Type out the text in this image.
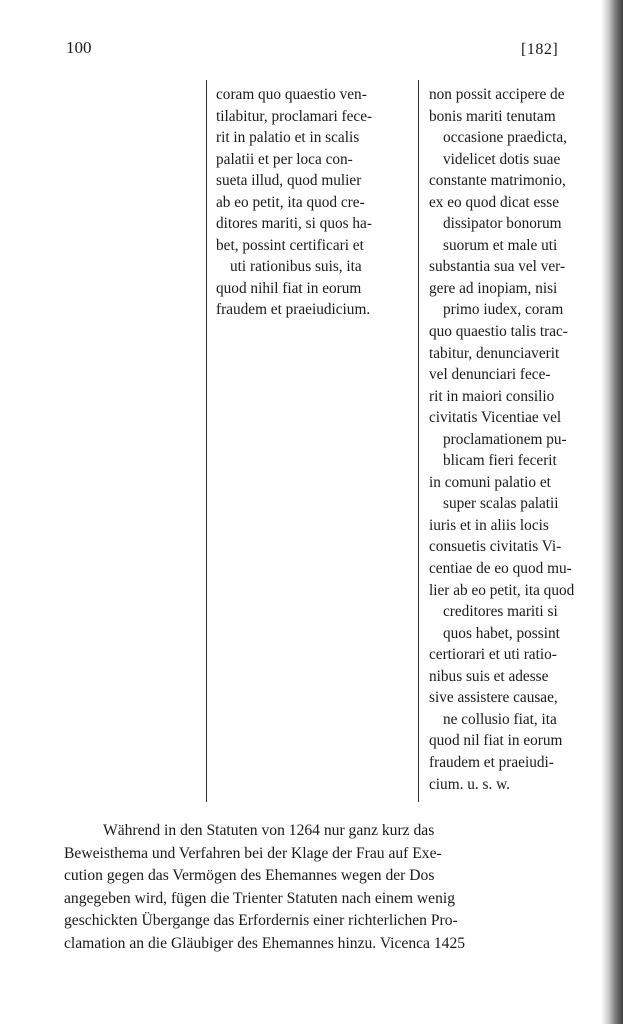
100	[182]
coram quo quaestio ven-
tilabitur, proclamari fece-
rit in palatio et in scalis
palatii et per loca con-
sueta illud, quod mulier
ab eo petit, ita quod cre-
ditores mariti, si quos ha-
bet, possint certificari et
uti rationibus suis, ita
quod nihil fiat in eorum
fraudem et praeiudicium.
non possit accipere de
bonis mariti tenutam
occasione praedicta,
videlicet dotis suae
constante matrimonio,
ex eo quod dicat esse
dissipator bonorum
suorum et male uti
substantia sua vel ver-
gere ad inopiam, nisi
primo iudex, coram
quo quaestio talis trac-
tabitur, denunciaverit
vel denunciari fece-
rit in maiori consilio
civitatis Vicentiae vel
proclamationem pu-
blicam fieri fecerit
in comuni palatio et
super scalas palatii
iuris et in aliis locis
consuetis civitatis Vi-
centiae de eo quod mu-
lier ab eo petit, ita quod
creditores mariti si
quos habet, possint
certiorari et uti ratio-
nibus suis et adesse
sive assistere causae,
ne collusio fiat, ita
quod nil fiat in eorum
fraudem et praeiudi-
cium. u. s. w.
Während in den Statuten von 1264 nur ganz kurz das
Beweisthema und Verfahren bei der Klage der Frau auf Exe-
cution gegen das Vermögen des Ehemannes wegen der Dos
angegeben wird, fügen die Trienter Statuten nach einem wenig
geschickten Übergange das Erfordernis einer richterlichen Pro-
clamation an die Gläubiger des Ehemannes hinzu. Vicenca 1425
